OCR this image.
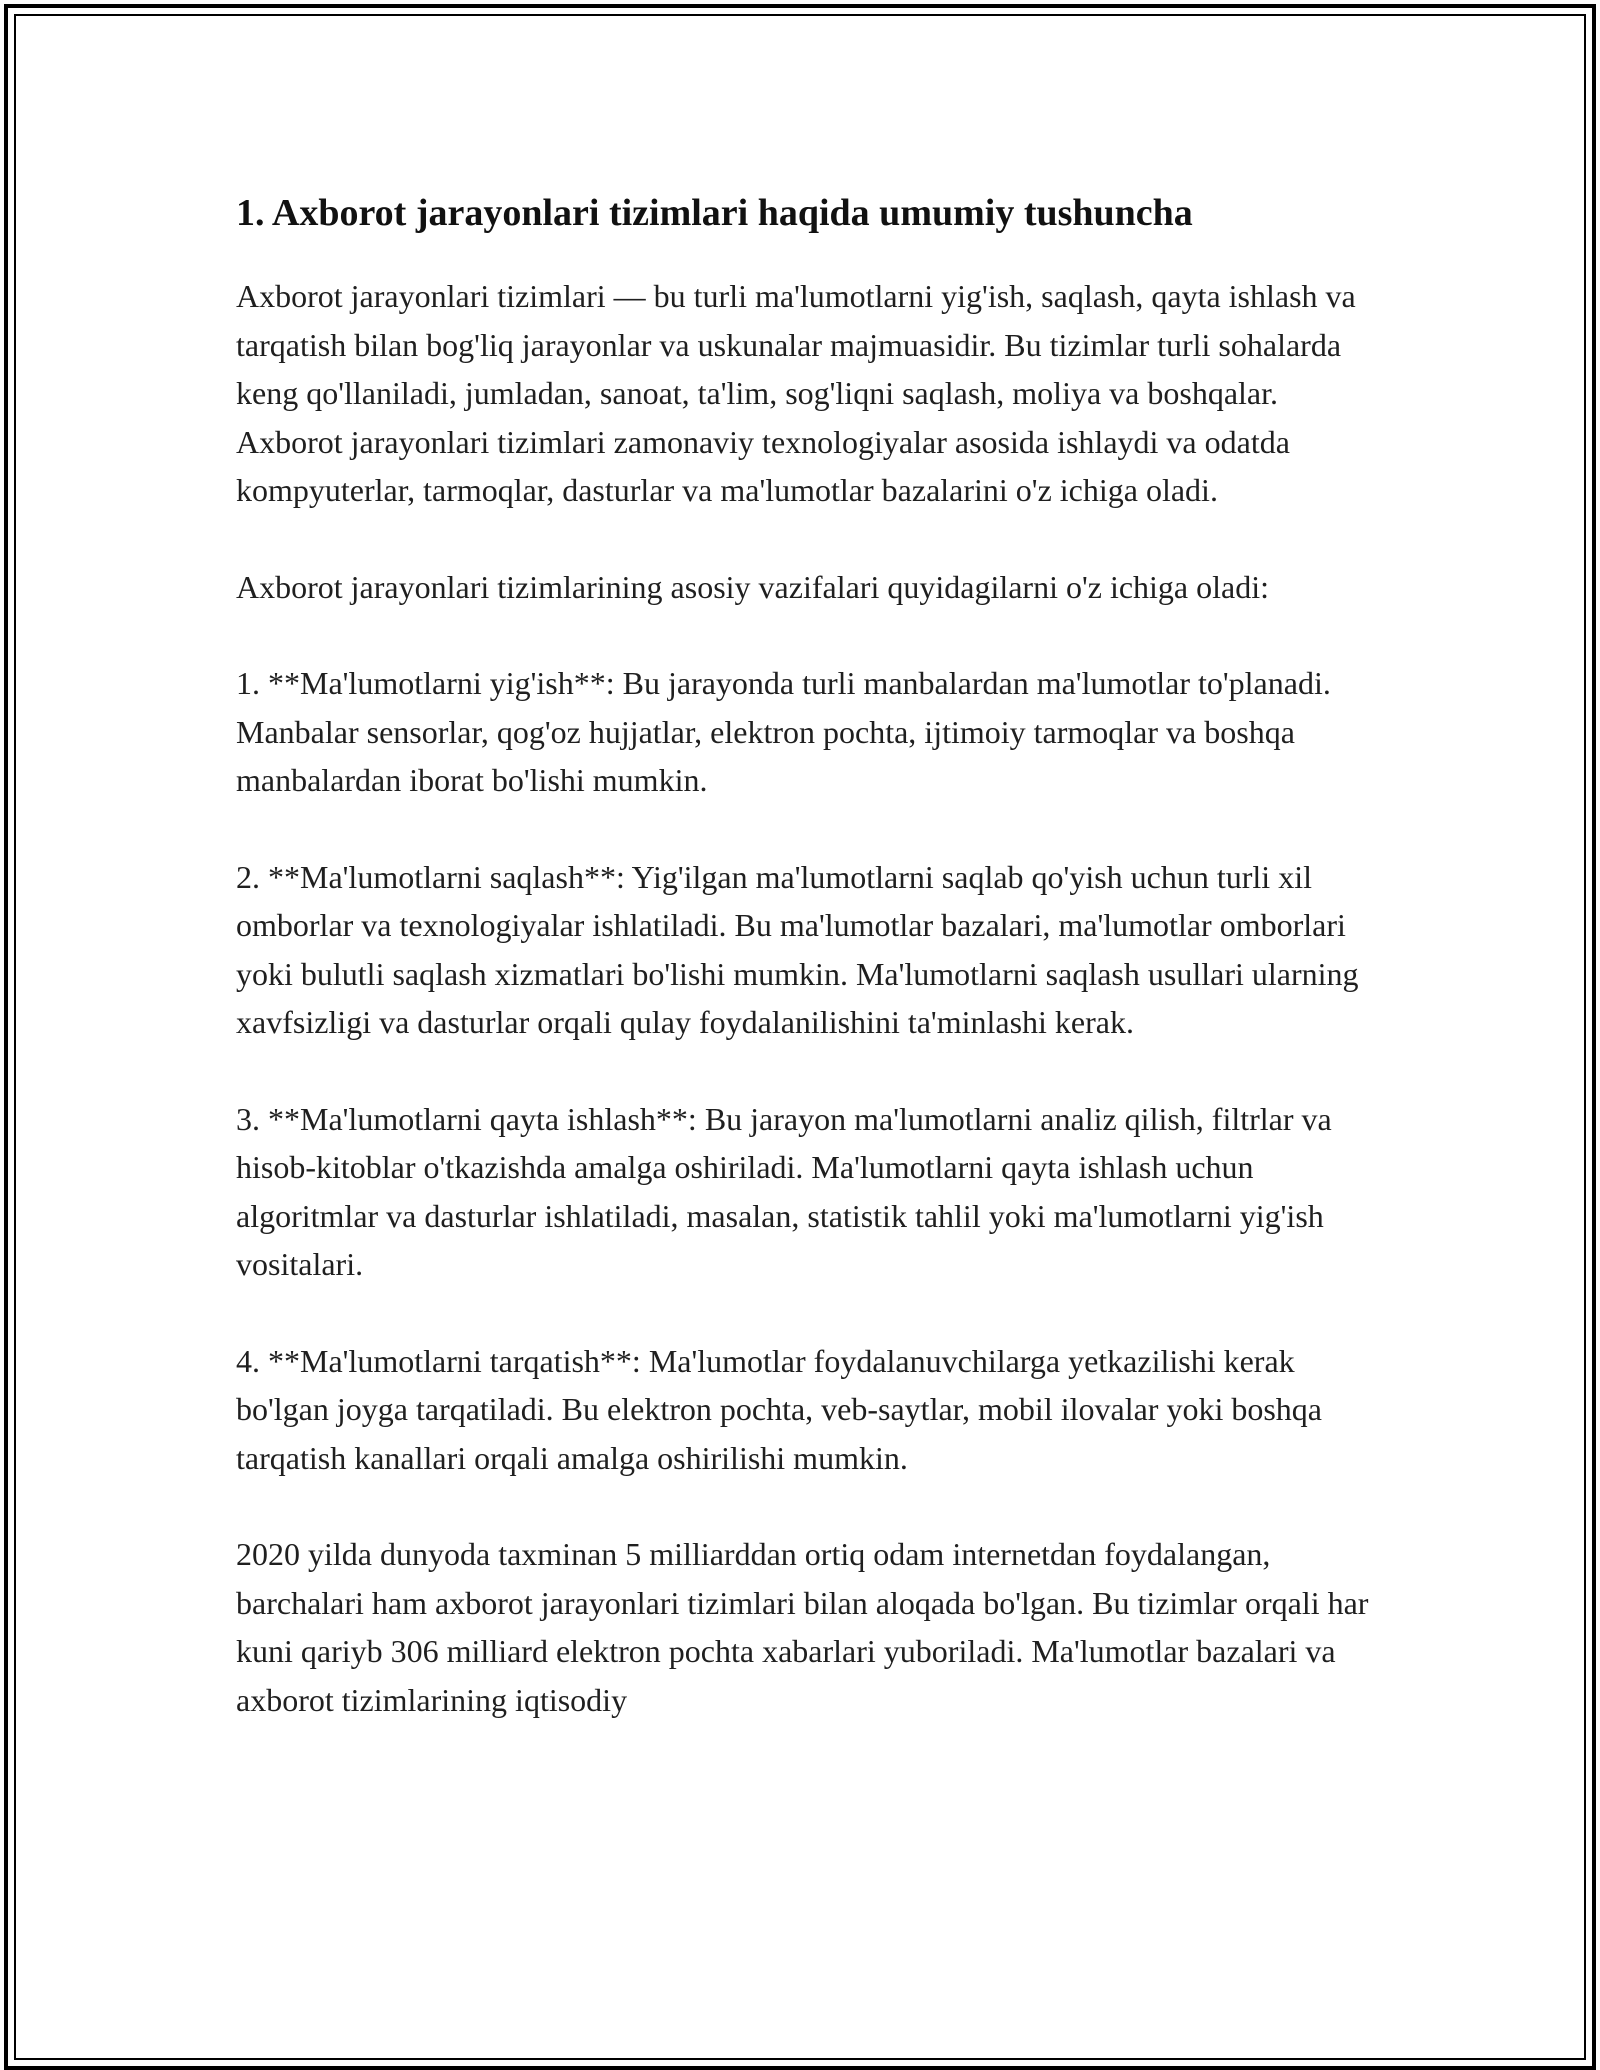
1. Axborot jarayonlari tizimlari haqida umumiy tushuncha

Axborot jarayonlari tizimlari — bu turli ma'lumotlarni yig'ish, saqlash, qayta ishlash va tarqatish bilan bog'liq jarayonlar va uskunalar majmuasidir. Bu tizimlar turli sohalarda keng qo'llaniladi, jumladan, sanoat, ta'lim, sog'liqni saqlash, moliya va boshqalar. Axborot jarayonlari tizimlari zamonaviy texnologiyalar asosida ishlaydi va odatda kompyuterlar, tarmoqlar, dasturlar va ma'lumotlar bazalarini o'z ichiga oladi.

Axborot jarayonlari tizimlarining asosiy vazifalari quyidagilarni o'z ichiga oladi:

1. **Ma'lumotlarni yig'ish**: Bu jarayonda turli manbalardan ma'lumotlar to'planadi. Manbalar sensorlar, qog'oz hujjatlar, elektron pochta, ijtimoiy tarmoqlar va boshqa manbalardan iborat bo'lishi mumkin.

2. **Ma'lumotlarni saqlash**: Yig'ilgan ma'lumotlarni saqlab qo'yish uchun turli xil omborlar va texnologiyalar ishlatiladi. Bu ma'lumotlar bazalari, ma'lumotlar omborlari yoki bulutli saqlash xizmatlari bo'lishi mumkin. Ma'lumotlarni saqlash usullari ularning xavfsizligi va dasturlar orqali qulay foydalanilishini ta'minlashi kerak.

3. **Ma'lumotlarni qayta ishlash**: Bu jarayon ma'lumotlarni analiz qilish, filtrlar va hisob-kitoblar o'tkazishda amalga oshiriladi. Ma'lumotlarni qayta ishlash uchun algoritmlar va dasturlar ishlatiladi, masalan, statistik tahlil yoki ma'lumotlarni yig'ish vositalari.

4. **Ma'lumotlarni tarqatish**: Ma'lumotlar foydalanuvchilarga yetkazilishi kerak bo'lgan joyga tarqatiladi. Bu elektron pochta, veb-saytlar, mobil ilovalar yoki boshqa tarqatish kanallari orqali amalga oshirilishi mumkin.

2020 yilda dunyoda taxminan 5 milliarddan ortiq odam internetdan foydalangan, barchalari ham axborot jarayonlari tizimlari bilan aloqada bo'lgan. Bu tizimlar orqali har kuni qariyb 306 milliard elektron pochta xabarlari yuboriladi. Ma'lumotlar bazalari va axborot tizimlarining iqtisodiy
